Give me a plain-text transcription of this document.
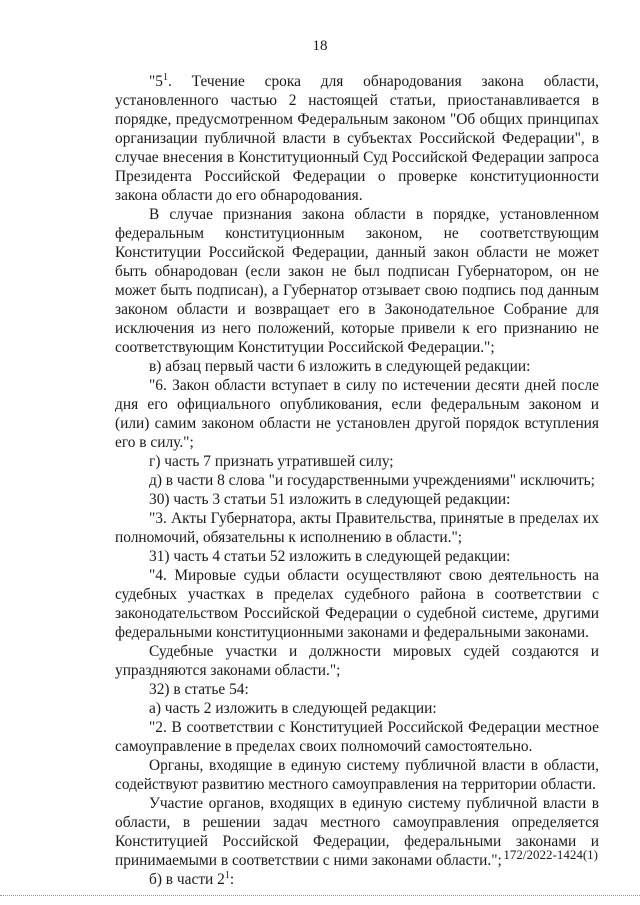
18

"$5^1$. Течение срока для обнародования закона области, установленного частью 2 настоящей статьи, приостанавливается в порядке, предусмотренном Федеральным законом "Об общих принципах организации публичной власти в субъектах Российской Федерации", в случае внесения в Конституционный Суд Российской Федерации запроса Президента Российской Федерации о проверке конституционности закона области до его обнародования.

В случае признания закона области в порядке, установленном федеральным конституционным законом, не соответствующим Конституции Российской Федерации, данный закон области не может быть обнародован (если закон не был подписан Губернатором, он не может быть подписан), а Губернатор отзывает свою подпись под данным законом области и возвращает его в Законодательное Собрание для исключения из него положений, которые привели к его признанию не соответствующим Конституции Российской Федерации.";

в) абзац первый части 6 изложить в следующей редакции:

"6. Закон области вступает в силу по истечении десяти дней после дня его официального опубликования, если федеральным законом и (или) самим законом области не установлен другой порядок вступления его в силу.";

г) часть 7 признать утратившей силу;

д) в части 8 слова "и государственными учреждениями" исключить;

30) часть 3 статьи 51 изложить в следующей редакции:

"3. Акты Губернатора, акты Правительства, принятые в пределах их полномочий, обязательны к исполнению в области.";

31) часть 4 статьи 52 изложить в следующей редакции:

"4. Мировые судьи области осуществляют свою деятельность на судебных участках в пределах судебного района в соответствии с законодательством Российской Федерации о судебной системе, другими федеральными конституционными законами и федеральными законами.

Судебные участки и должности мировых судей создаются и упраздняются законами области.";

32) в статье 54:

а) часть 2 изложить в следующей редакции:

"2. В соответствии с Конституцией Российской Федерации местное самоуправление в пределах своих полномочий самостоятельно.

Органы, входящие в единую систему публичной власти в области, содействуют развитию местного самоуправления на территории области.

Участие органов, входящих в единую систему публичной власти в области, в решении задач местного самоуправления определяется Конституцией Российской Федерации, федеральными законами и принимаемыми в соответствии с ними законами области.";

б) в части $2^1$:

172/2022-1424(1)
